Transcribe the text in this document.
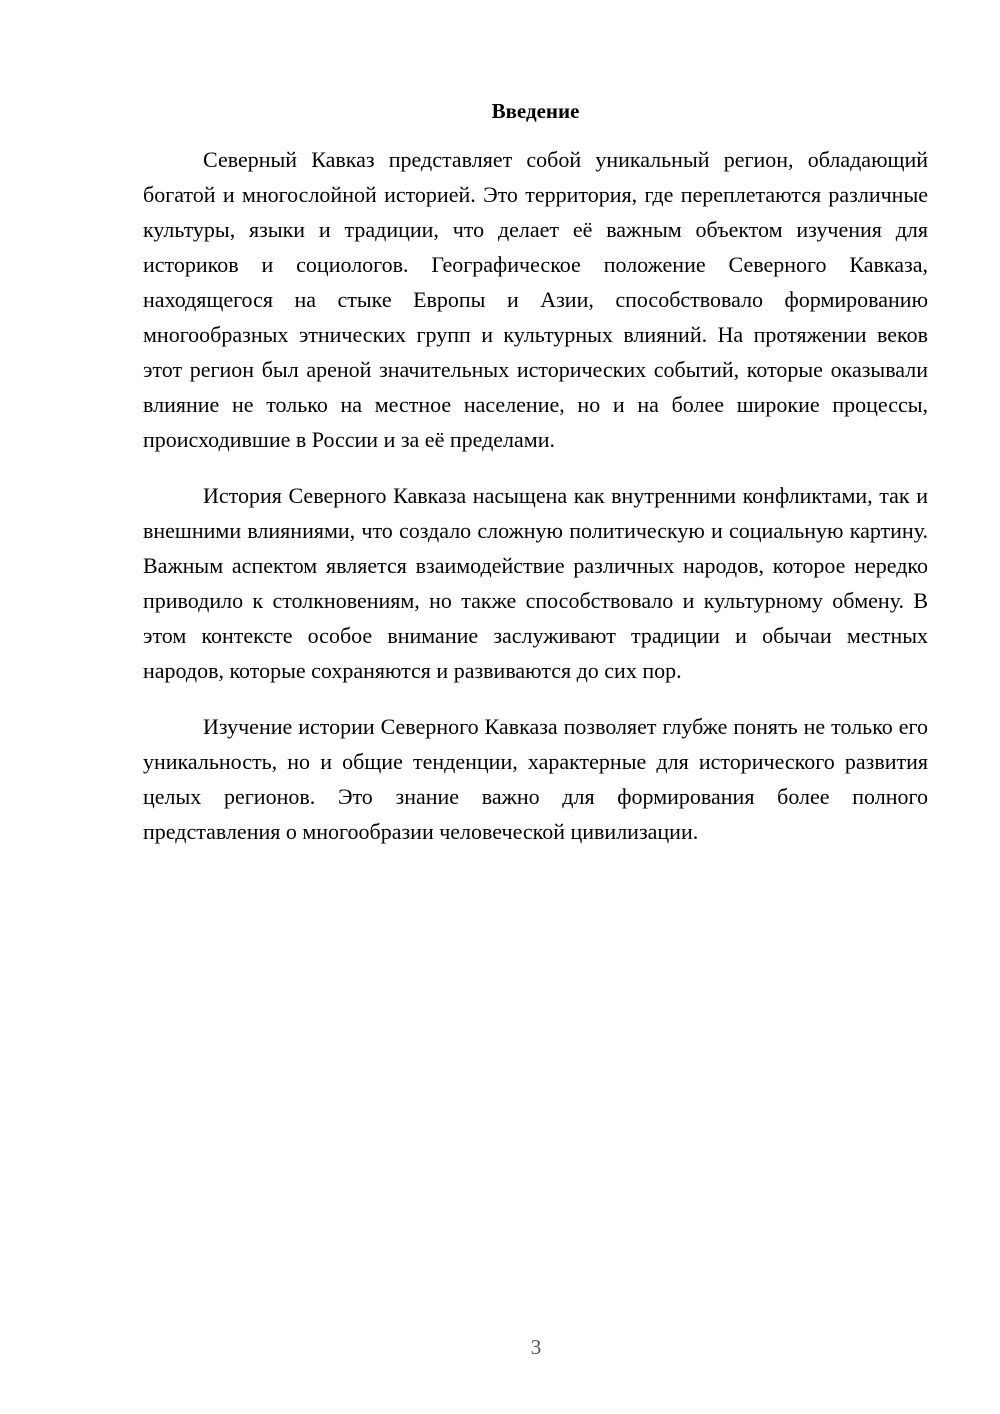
Введение

Северный Кавказ представляет собой уникальный регион, обладающий богатой и многослойной историей. Это территория, где переплетаются различные культуры, языки и традиции, что делает её важным объектом изучения для историков и социологов. Географическое положение Северного Кавказа, находящегося на стыке Европы и Азии, способствовало формированию многообразных этнических групп и культурных влияний. На протяжении веков этот регион был ареной значительных исторических событий, которые оказывали влияние не только на местное население, но и на более широкие процессы, происходившие в России и за её пределами.

История Северного Кавказа насыщена как внутренними конфликтами, так и внешними влияниями, что создало сложную политическую и социальную картину. Важным аспектом является взаимодействие различных народов, которое нередко приводило к столкновениям, но также способствовало и культурному обмену. В этом контексте особое внимание заслуживают традиции и обычаи местных народов, которые сохраняются и развиваются до сих пор.

Изучение истории Северного Кавказа позволяет глубже понять не только его уникальность, но и общие тенденции, характерные для исторического развития целых регионов. Это знание важно для формирования более полного представления о многообразии человеческой цивилизации.

3
